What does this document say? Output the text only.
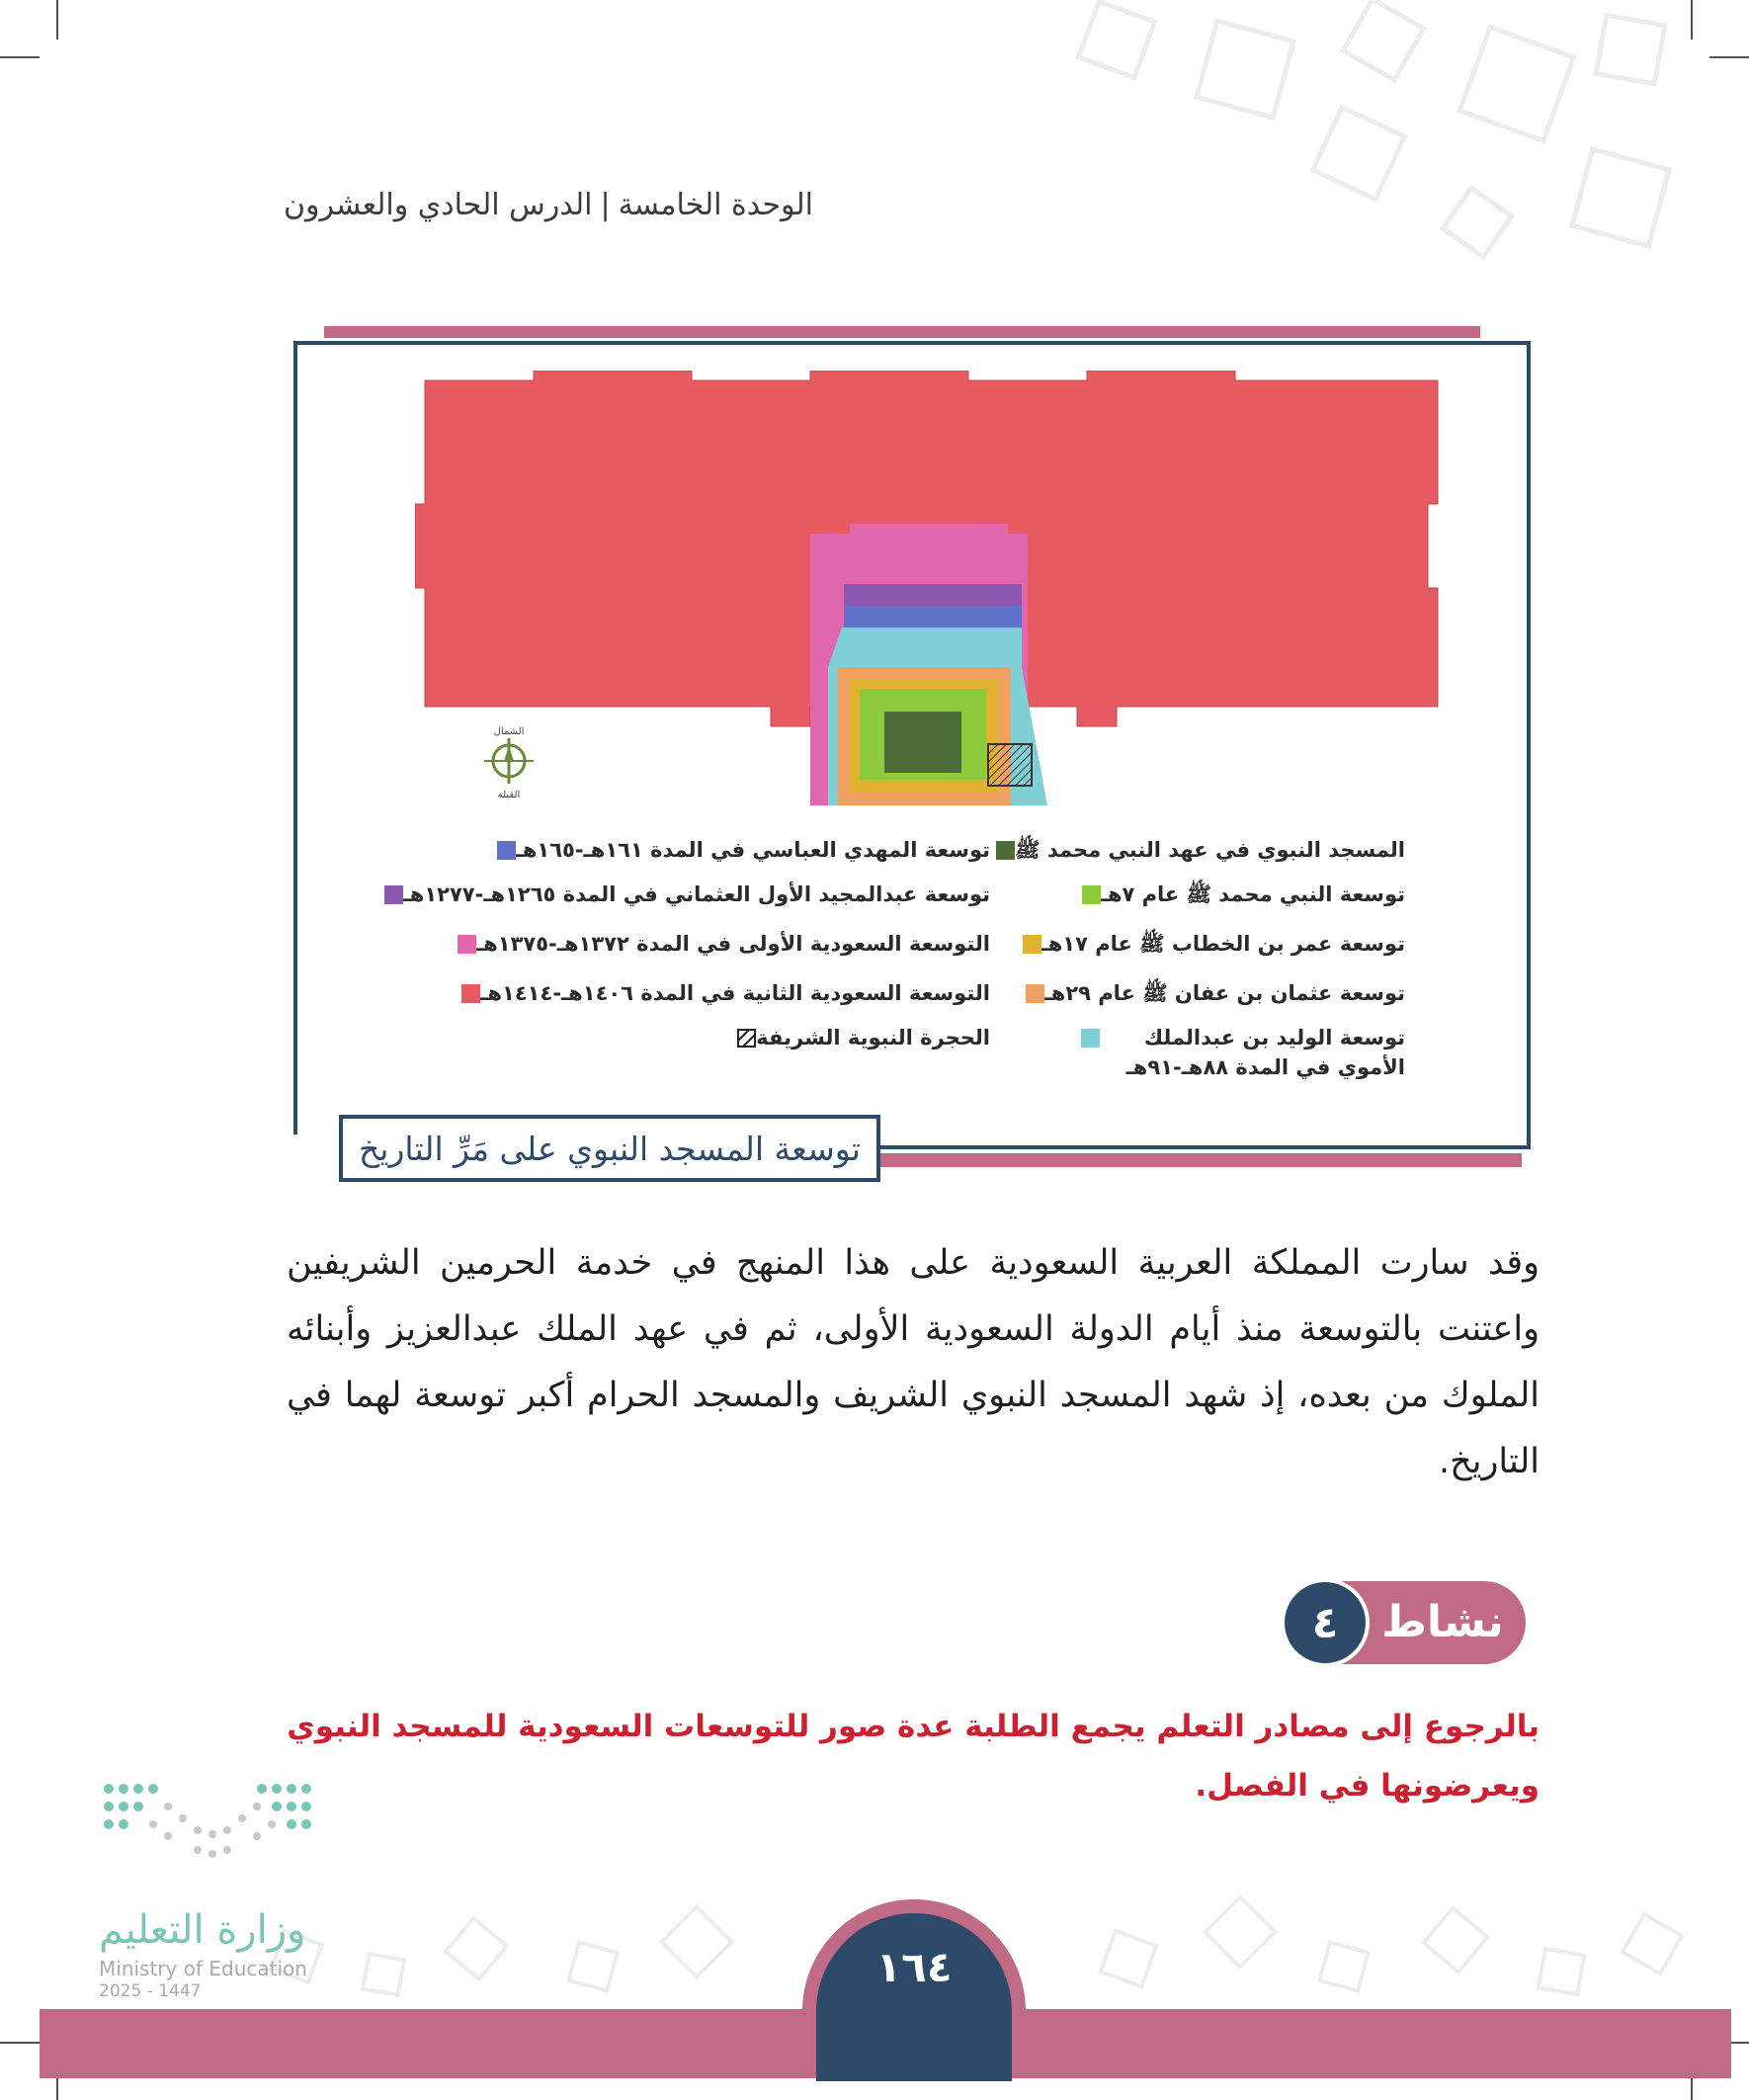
الوحدة الخامسة|الدرس الحادي والعشرون
الشمال
القبلة
المسجد النبوي في عهد النبي محمد ﷺ
توسعة النبي محمد ﷺ عام ٧هـ
توسعة عمر بن الخطاب ﷺ عام ١٧هـ
توسعة عثمان بن عفان ﷺ عام ٢٩هـ
توسعة الوليد بن عبدالملك الأموي في المدة ٨٨هـ-٩١هـ
توسعة المهدي العباسي في المدة ١٦١هـ-١٦٥هـ
توسعة عبدالمجيد الأول العثماني في المدة ١٢٦٥هـ-١٢٧٧هـ
التوسعة السعودية الأولى في المدة ١٣٧٢هـ-١٣٧٥هـ
التوسعة السعودية الثانية في المدة ١٤٠٦هـ-١٤١٤هـ
الحجرة النبوية الشريفة
توسعة المسجد النبوي على مَرِّ التاريخ
وقد سارت المملكة العربية السعودية على هذا المنهج في خدمة الحرمين الشريفين واعتنت بالتوسعة منذ أيام الدولة السعودية الأولى، ثم في عهد الملك عبدالعزيز وأبنائه الملوك من بعده، إذ شهد المسجد النبوي الشريف والمسجد الحرام أكبر توسعة لهما في التاريخ.
نشاط
٤
بالرجوع إلى مصادر التعلم يجمع الطلبة عدة صور للتوسعات السعودية للمسجد النبوي ويعرضونها في الفصل.
وزارة التعليم
Ministry of Education
2025 - 1447	١٦٤
